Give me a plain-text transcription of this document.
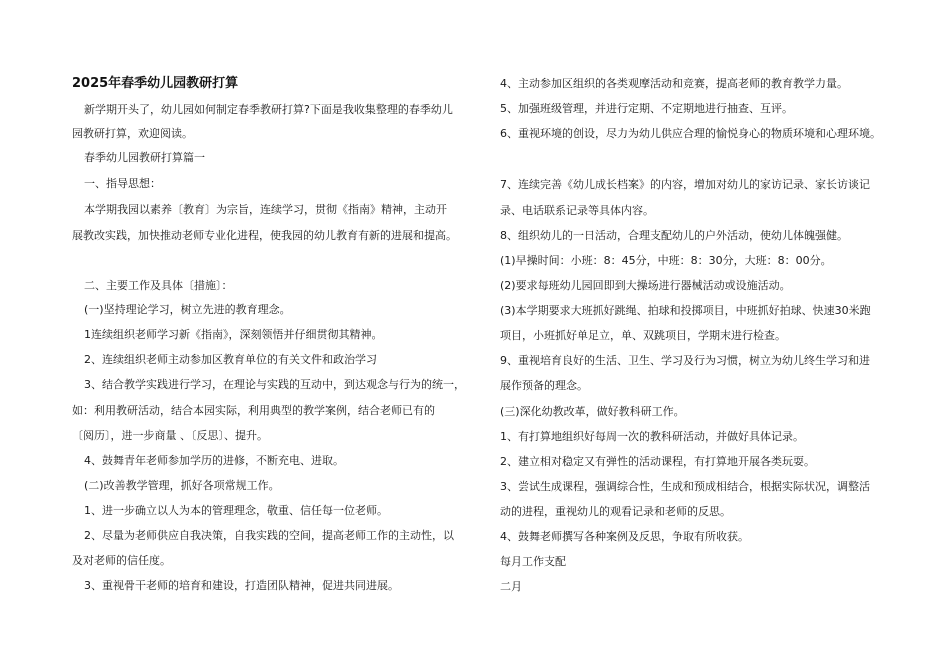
2025年春季幼儿园教研打算
新学期开头了，幼儿园如何制定春季教研打算?下面是我收集整理的春季幼儿
园教研打算，欢迎阅读。
春季幼儿园教研打算篇一
一、指导思想：
本学期我园以素养〔教育〕为宗旨，连续学习，贯彻《指南》精神，主动开
展教改实践，加快推动老师专业化进程，使我园的幼儿教育有新的进展和提高。
二、主要工作及具体〔措施〕：
(一)坚持理论学习，树立先进的教育理念。
1连续组织老师学习新《指南》，深刻领悟并仔细贯彻其精神。
2、连续组织老师主动参加区教育单位的有关文件和政治学习
3、结合教学实践进行学习，在理论与实践的互动中，到达观念与行为的统一，
如：利用教研活动，结合本园实际，利用典型的教学案例，结合老师已有的
〔阅历〕，进一步商量 、〔反思〕、提升。
4、鼓舞青年老师参加学历的进修，不断充电、进取。
(二)改善教学管理，抓好各项常规工作。
1、进一步确立以人为本的管理理念，敬重、信任每一位老师。
2、尽量为老师供应自我决策，自我实践的空间，提高老师工作的主动性，以
及对老师的信任度。
3、重视骨干老师的培育和建设，打造团队精神，促进共同进展。
4、主动参加区组织的各类观摩活动和竞赛，提高老师的教育教学力量。
5、加强班级管理，并进行定期、不定期地进行抽查、互评。
6、重视环境的创设，尽力为幼儿供应合理的愉悦身心的物质环境和心理环境。
7、连续完善《幼儿成长档案》的内容，增加对幼儿的家访记录、家长访谈记
录、电话联系记录等具体内容。
8、组织幼儿的一日活动，合理支配幼儿的户外活动，使幼儿体魄强健。
(1)早操时间：小班：8：45分，中班：8：30分，大班：8：00分。
(2)要求每班幼儿园回即到大操场进行器械活动或设施活动。
(3)本学期要求大班抓好跳绳、拍球和投掷项目，中班抓好拍球、快速30米跑
项目，小班抓好单足立，单、双跳项目，学期末进行检查。
9、重视培育良好的生活、卫生、学习及行为习惯，树立为幼儿终生学习和进
展作预备的理念。
(三)深化幼教改革，做好教科研工作。
1、有打算地组织好每周一次的教科研活动，并做好具体记录。
2、建立相对稳定又有弹性的活动课程，有打算地开展各类玩耍。
3、尝试生成课程，强调综合性，生成和预成相结合，根据实际状况，调整活
动的进程，重视幼儿的观看记录和老师的反思。
4、鼓舞老师撰写各种案例及反思，争取有所收获。
每月工作支配
二月
